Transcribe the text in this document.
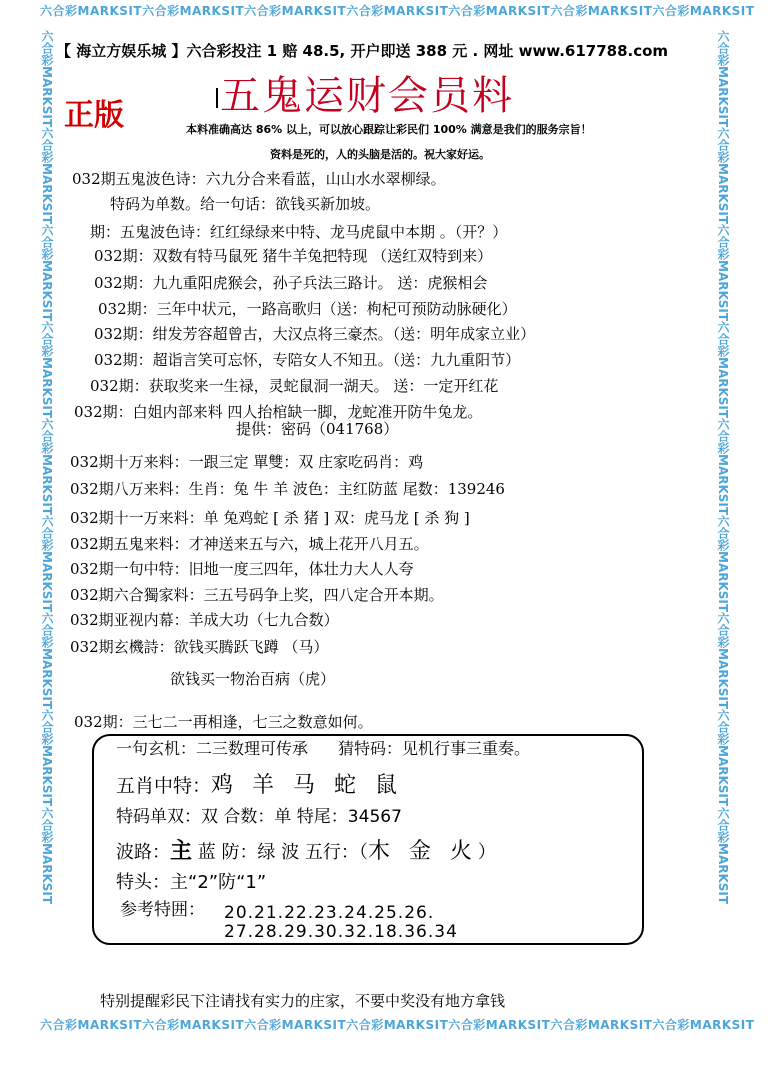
六合彩MARKSIT六合彩MARKSIT六合彩MARKSIT六合彩MARKSIT六合彩MARKSIT六合彩MARKSIT六合彩MARKSIT
六合彩MARKSIT六合彩MARKSIT六合彩MARKSIT六合彩MARKSIT六合彩MARKSIT六合彩MARKSIT六合彩MARKSIT
六合彩MARKSIT六合彩MARKSIT六合彩MARKSIT六合彩MARKSIT六合彩MARKSIT六合彩MARKSIT六合彩MARKSIT六合彩MARKSIT六合彩MARKSIT
六合彩MARKSIT六合彩MARKSIT六合彩MARKSIT六合彩MARKSIT六合彩MARKSIT六合彩MARKSIT六合彩MARKSIT六合彩MARKSIT六合彩MARKSIT
【 海立方娱乐城 】六合彩投注 1 赔 48.5, 开户即送 388 元 . 网址 www.617788.com
五鬼运财会员料
正版	本料准确高达 86% 以上，可以放心跟踪让彩民们 100% 满意是我们的服务宗旨！
资料是死的，人的头脑是活的。祝大家好运。
032期五鬼波色诗：六九分合来看蓝，山山水水翠柳绿。
特码为单数。给一句话：欲钱买新加坡。
期：五鬼波色诗：红红绿绿来中特、龙马虎鼠中本期 。（开？）
032期：双数有特马鼠死 猪牛羊兔把特现 （送红双特到来）
032期：九九重阳虎猴会，孙子兵法三路计。 送：虎猴相会
032期：三年中状元，一路高歌归（送：枸杞可预防动脉硬化）
032期：绀发芳容超曾古，大汉点将三豪杰。（送：明年成家立业）
032期：超诣言笑可忘怀，专陪女人不知丑。（送：九九重阳节）
032期：获取奖来一生禄，灵蛇鼠洞一湖天。 送：一定开红花
032期：白姐内部来料 四人抬棺缺一脚，龙蛇准开防牛兔龙。
提供：密码（041768）
032期十万来料：一跟三定 單雙：双 庄家吃码肖：鸡
032期八万来料：生肖：兔 牛 羊 波色：主红防蓝 尾数：139246
032期十一万来料：单 兔鸡蛇 [ 杀 猪 ] 双：虎马龙 [ 杀 狗 ]
032期五鬼来料：才神送来五与六，城上花开八月五。
032期一句中特：旧地一度三四年，体壮力大人人夸
032期六合獨家料：三五号码争上奖，四八定合开本期。
032期亚视内幕：羊成大功（七九合数）
032期玄機詩：欲钱买腾跃飞蹲 （马）
欲钱买一物治百病（虎）
032期：三七二一再相逢，七三之数意如何。
一句玄机：二三数理可传承 猜特码：见机行事三重奏。
五肖中特：鸡 羊 马 蛇 鼠
特码单双：双 合数：单 特尾：34567
波路：主 蓝 防：绿 波 五行：（木 金 火）
特头：主“2”防“1”
参考特囲： 20.21.22.23.24.25.26.
27.28.29.30.32.18.36.34
特别提醒彩民下注请找有实力的庄家，不要中奖没有地方拿钱
